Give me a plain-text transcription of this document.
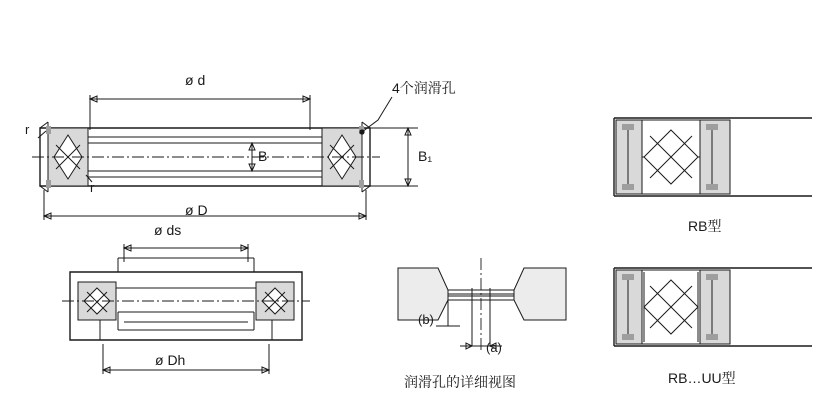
ø d
ø D
B	B₁
r
r
4个润滑孔
ø ds
ø Dh
(b)
(a)
润滑孔的详细视图
RB型
RB…UU型
